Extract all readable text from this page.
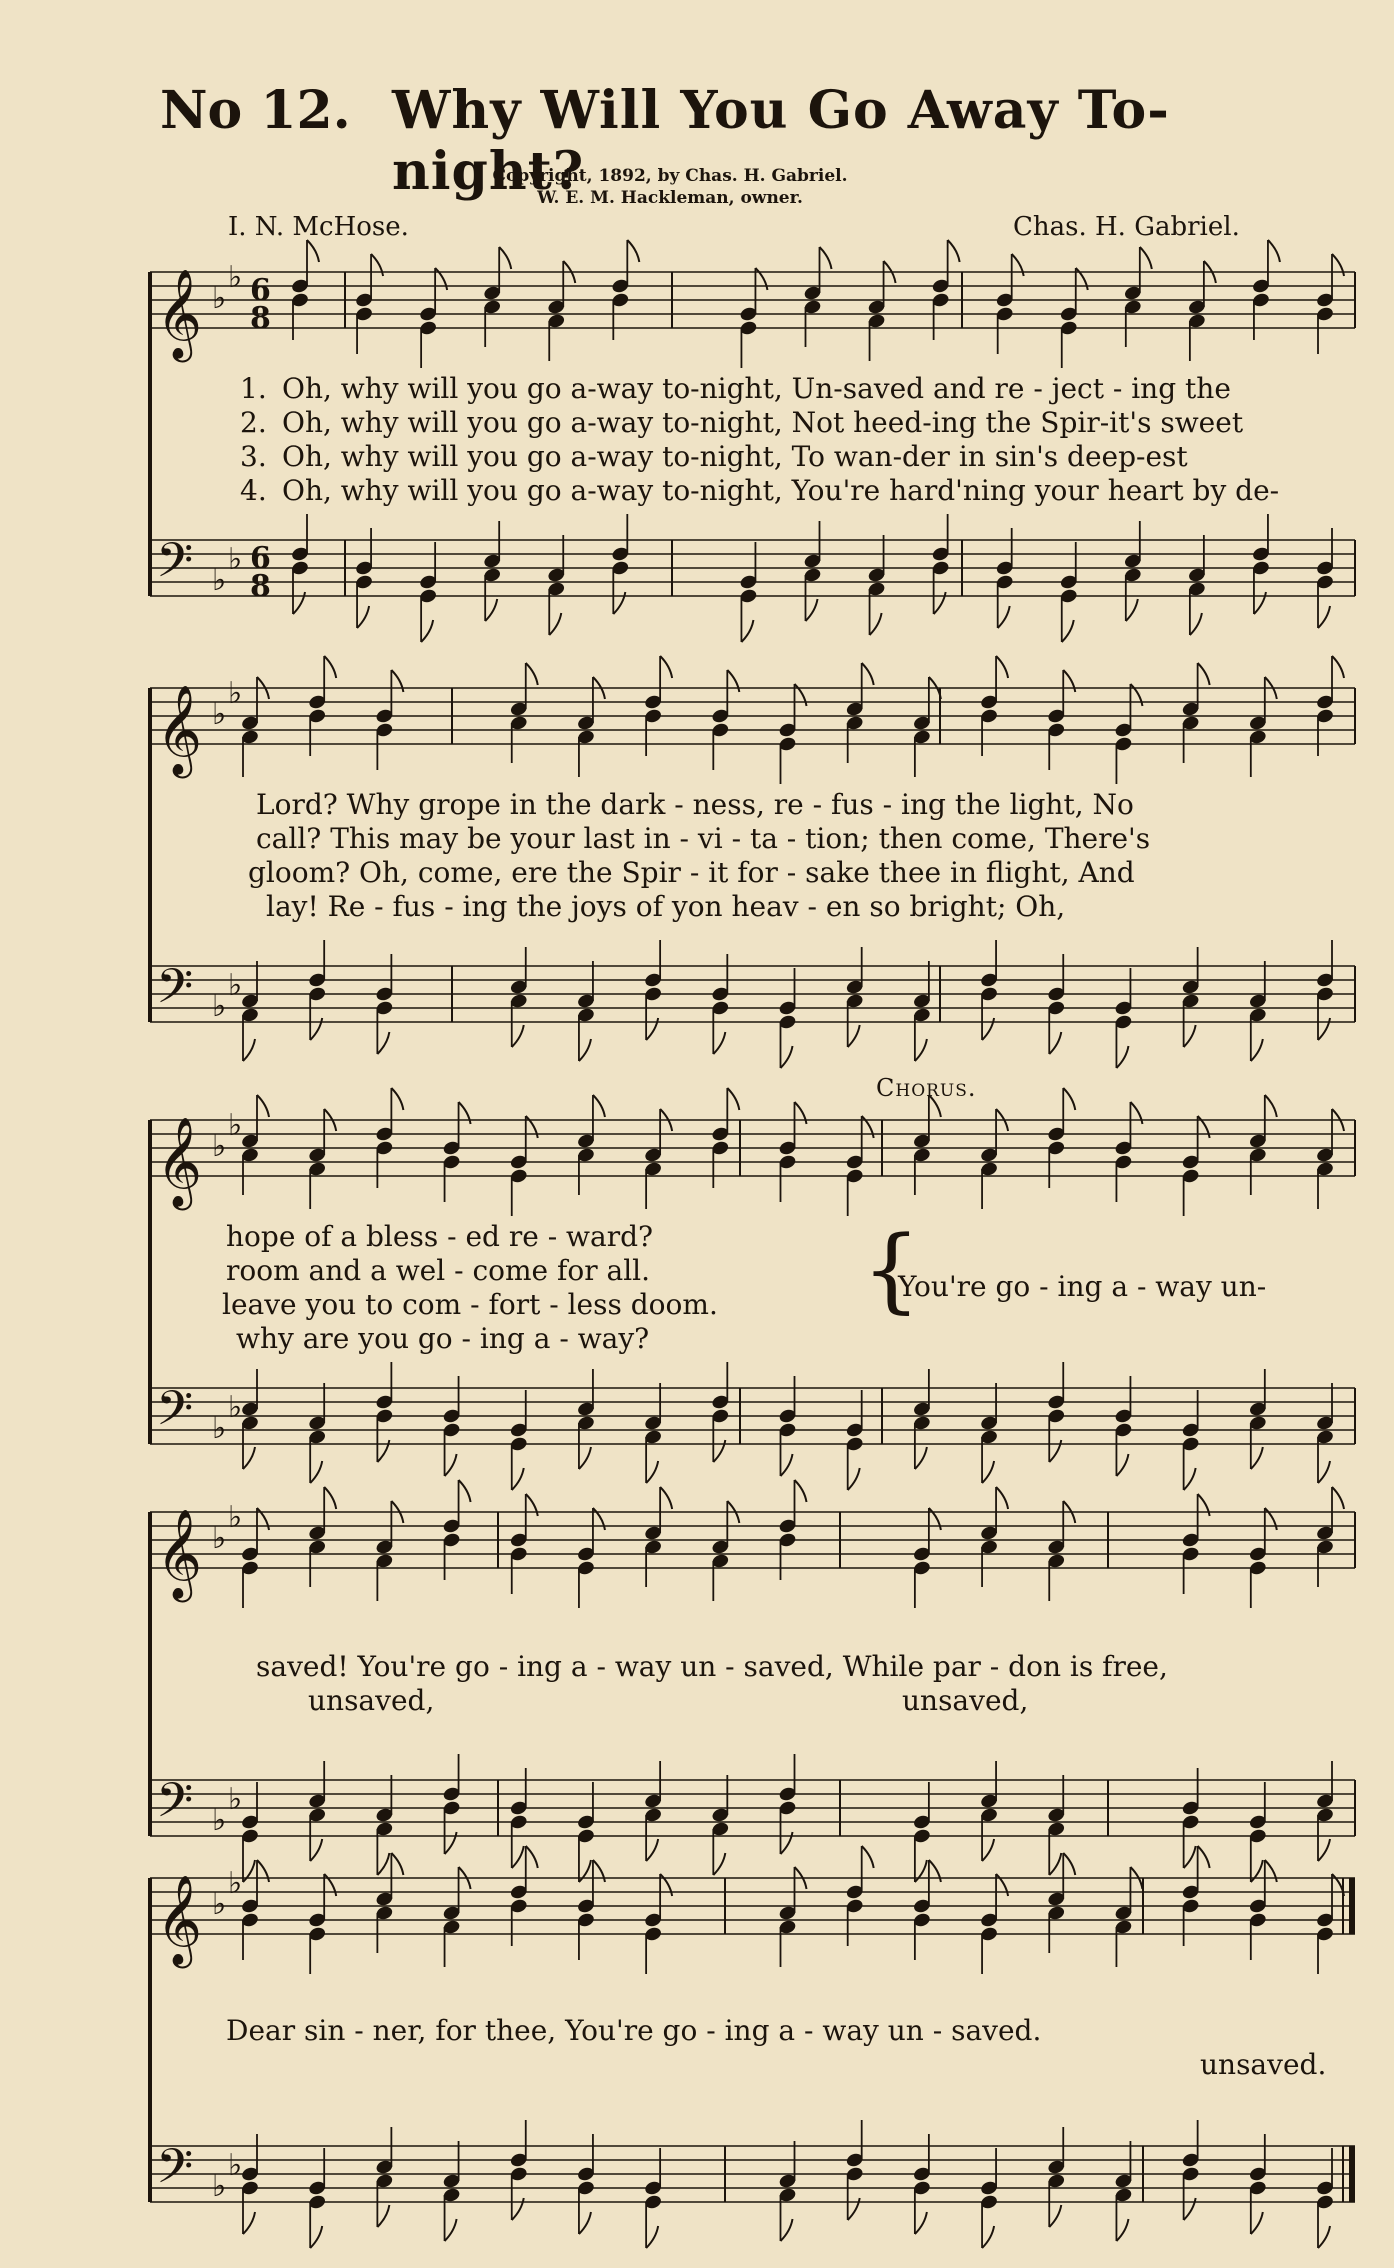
No 12. Why Will You Go Away To-night?
Copyright, 1892, by Chas. H. Gabriel.
W. E. M. Hackleman, owner.
I. N. McHose.	Chas. H. Gabriel.
𝄞 ♭
♭ 6
8
𝄢 ♭
♭ 6
8
𝄞 ♭
♭
𝄢 ♭
♭
𝄞 ♭
♭
𝄢 ♭
♭
𝄞 ♭
♭
𝄢 ♭
♭
𝄞 ♭
♭
𝄢 ♭
♭
1.
2.
3.
4.
Oh, why will you go a-way to-night, Un-saved and re - ject - ing the
Oh, why will you go a-way to-night, Not heed-ing the Spir-it's sweet
Oh, why will you go a-way to-night, To wan-der in sin's deep-est
Oh, why will you go a-way to-night, You're hard'ning your heart by de-
Lord? Why grope in the dark - ness, re - fus - ing the light, No
call? This may be your last in - vi - ta - tion; then come, There's
gloom? Oh, come, ere the Spir - it for - sake thee in flight, And
lay! Re - fus - ing the joys of yon heav - en so bright; Oh,
Chorus.
hope of a bless - ed re - ward?
room and a wel - come for all.
leave you to com - fort - less doom.
why are you go - ing a - way?
{
You're go - ing a - way un-
saved! You're go - ing a - way un - saved, While par - don is free,
unsaved,	unsaved,
Dear sin - ner, for thee, You're go - ing a - way un - saved.
unsaved.
